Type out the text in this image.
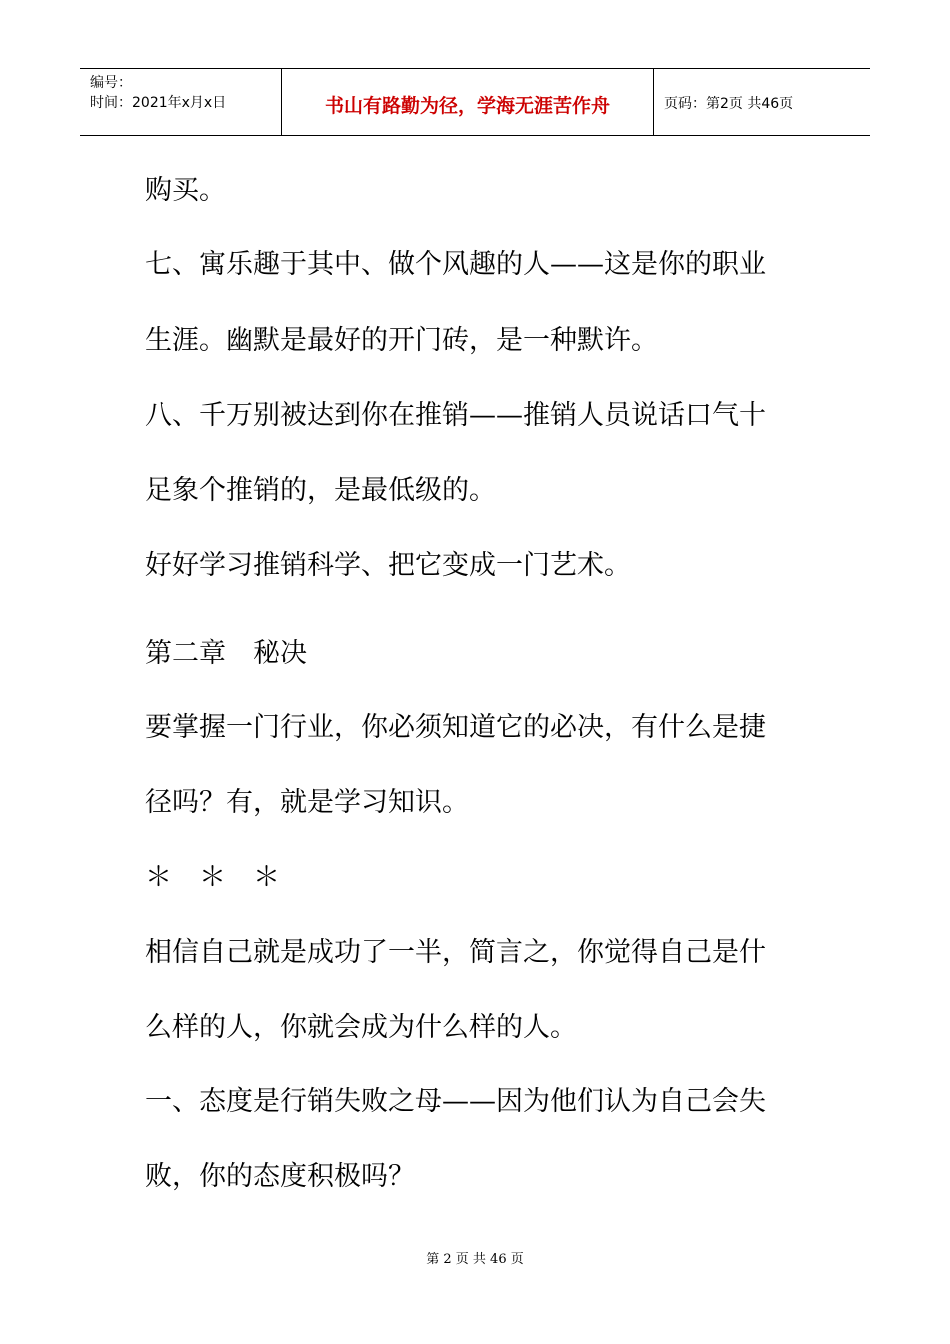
编号：
时间：2021年x月x日	书山有路勤为径，学海无涯苦作舟	页码：第2页 共46页

购买。

七、寓乐趣于其中、做个风趣的人——这是你的职业

生涯。幽默是最好的开门砖，是一种默许。

八、千万别被达到你在推销——推销人员说话口气十

足象个推销的，是最低级的。

好好学习推销科学、把它变成一门艺术。

第二章　秘决

要掌握一门行业，你必须知道它的必决，有什么是捷

径吗？有，就是学习知识。

＊　＊　＊

相信自己就是成功了一半，简言之，你觉得自己是什

么样的人，你就会成为什么样的人。

一、态度是行销失败之母——因为他们认为自己会失

败，你的态度积极吗？

第 2 页 共 46 页
